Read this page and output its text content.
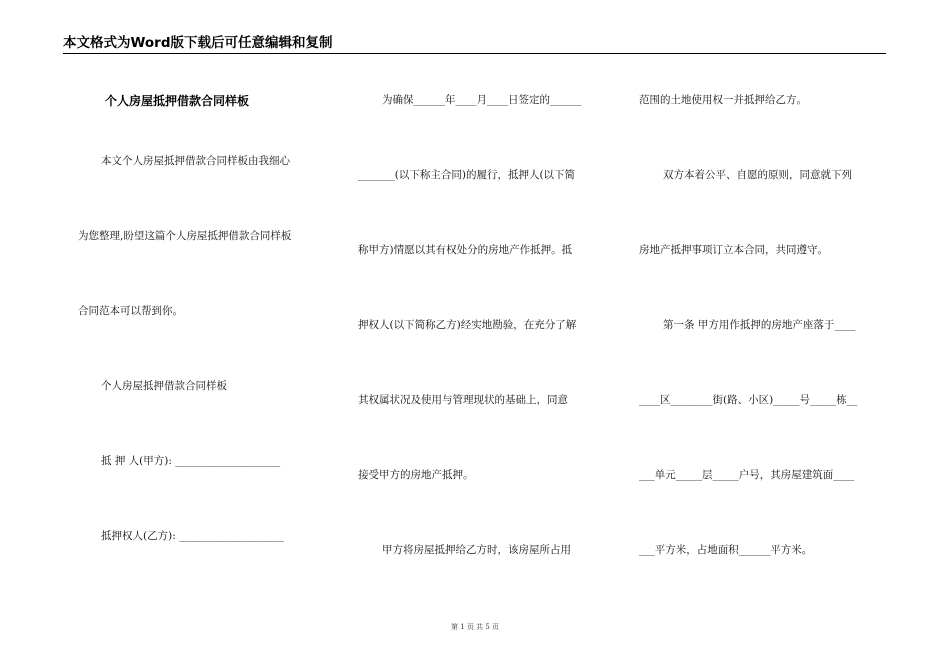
本文格式为Word版下载后可任意编辑和复制
个人房屋抵押借款合同样板
本文个人房屋抵押借款合同样板由我细心
为您整理,盼望这篇个人房屋抵押借款合同样板
合同范本可以帮到你。
个人房屋抵押借款合同样板
抵 押 人(甲方): ____________________
抵押权人(乙方): ____________________
为确保______年____月____日签定的______
_______(以下称主合同)的履行，抵押人(以下简
称甲方)情愿以其有权处分的房地产作抵押。抵
押权人(以下简称乙方)经实地勘验，在充分了解
其权属状况及使用与管理现状的基础上，同意
接受甲方的房地产抵押。
甲方将房屋抵押给乙方时，该房屋所占用
范围的土地使用权一并抵押给乙方。
双方本着公平、自愿的原则，同意就下列
房地产抵押事项订立本合同，共同遵守。
第一条 甲方用作抵押的房地产座落于____
____区________街(路、小区)_____号_____栋__
___单元_____层_____户号，其房屋建筑面____
___平方米，占地面积______平方米。
第 1 页 共 5 页
